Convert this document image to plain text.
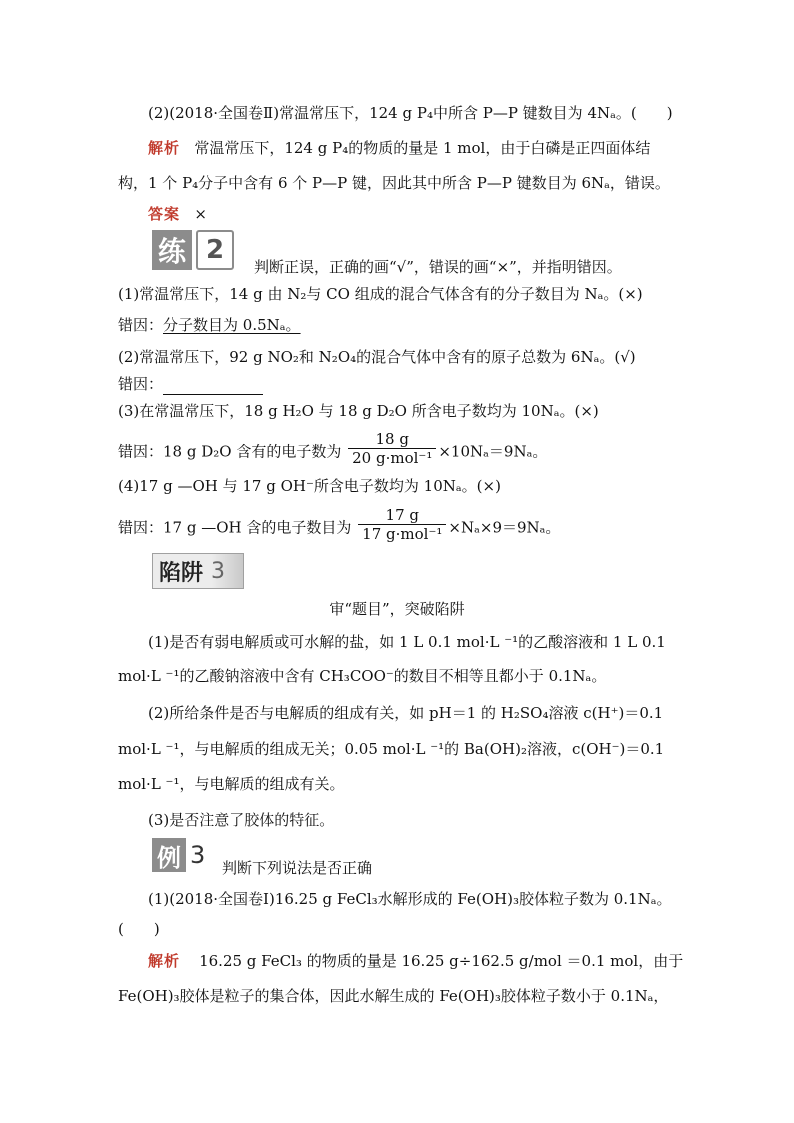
(2)(2018·全国卷Ⅱ)常温常压下，124 g P₄中所含 P—P 键数目为 4Nₐ。(　　)
解析 常温常压下，124 g P₄的物质的量是 1 mol，由于白磷是正四面体结
构，1 个 P₄分子中含有 6 个 P—P 键，因此其中所含 P—P 键数目为 6Nₐ，错误。
答案 ×
练 2
判断正误，正确的画“√”，错误的画“×”，并指明错因。
(1)常温常压下，14 g 由 N₂与 CO 组成的混合气体含有的分子数目为 Nₐ。(×)
错因：分子数目为 0.5Nₐ。
(2)常温常压下，92 g NO₂和 N₂O₄的混合气体中含有的原子总数为 6Nₐ。(√)
错因：
(3)在常温常压下，18 g H₂O 与 18 g D₂O 所含电子数均为 10Nₐ。(×)
错因：18 g D₂O 含有的电子数为 $\frac{18 g}{\text{20 g·mol⁻¹}} \times 10N_a=9N_a$。
(4)17 g —OH 与 17 g OH⁻所含电子数均为 10Nₐ。(×)
错因：17 g —OH 含的电子数目为 $\frac{17 g}{\text{17 g·mol⁻¹}} \times N_a\times 9=9N_a$。
陷阱 3
审“题目”，突破陷阱
(1)是否有弱电解质或可水解的盐，如 1 L 0.1 mol·L ⁻¹的乙酸溶液和 1 L 0.1
mol·L ⁻¹的乙酸钠溶液中含有 CH₃COO⁻的数目不相等且都小于 0.1Nₐ。
(2)所给条件是否与电解质的组成有关，如 pH＝1 的 H₂SO₄溶液 c(H⁺)＝0.1
mol·L ⁻¹，与电解质的组成无关；0.05 mol·L ⁻¹的 Ba(OH)₂溶液，c(OH⁻)＝0.1
mol·L ⁻¹，与电解质的组成有关。
(3)是否注意了胶体的特征。
例 3 判断下列说法是否正确
(1)(2018·全国卷Ⅰ)16.25 g FeCl₃水解形成的 Fe(OH)₃胶体粒子数为 0.1Nₐ。
(　　)
解析 16.25 g FeCl₃ 的物质的量是 16.25 g÷162.5 g/mol ＝0.1 mol，由于
Fe(OH)₃胶体是粒子的集合体，因此水解生成的 Fe(OH)₃胶体粒子数小于 0.1Nₐ，
